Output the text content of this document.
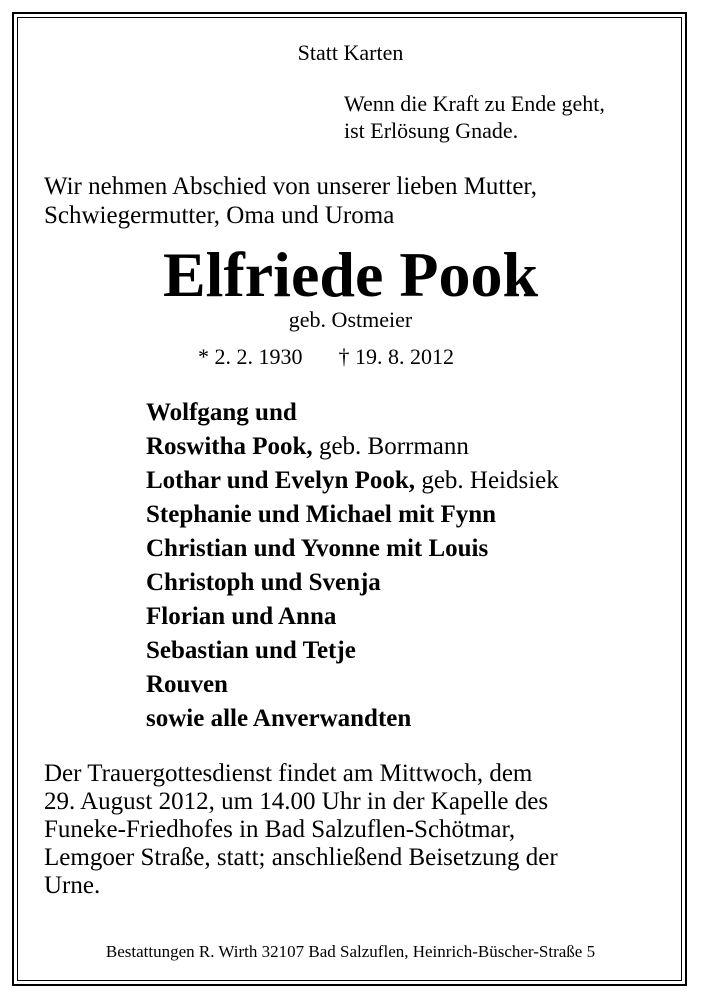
Statt Karten
Wenn die Kraft zu Ende geht,
ist Erlösung Gnade.
Wir nehmen Abschied von unserer lieben Mutter,
Schwiegermutter, Oma und Uroma
Elfriede Pook
geb. Ostmeier
* 2. 2. 1930 † 19. 8. 2012
Wolfgang und
Roswitha Pook, geb. Borrmann
Lothar und Evelyn Pook, geb. Heidsiek
Stephanie und Michael mit Fynn
Christian und Yvonne mit Louis
Christoph und Svenja
Florian und Anna
Sebastian und Tetje
Rouven
sowie alle Anverwandten
Der Trauergottesdienst findet am Mittwoch, dem
29. August 2012, um 14.00 Uhr in der Kapelle des
Funeke-Friedhofes in Bad Salzuflen-Schötmar,
Lemgoer Straße, statt; anschließend Beisetzung der
Urne.
Bestattungen R. Wirth 32107 Bad Salzuflen, Heinrich-Büscher-Straße 5
